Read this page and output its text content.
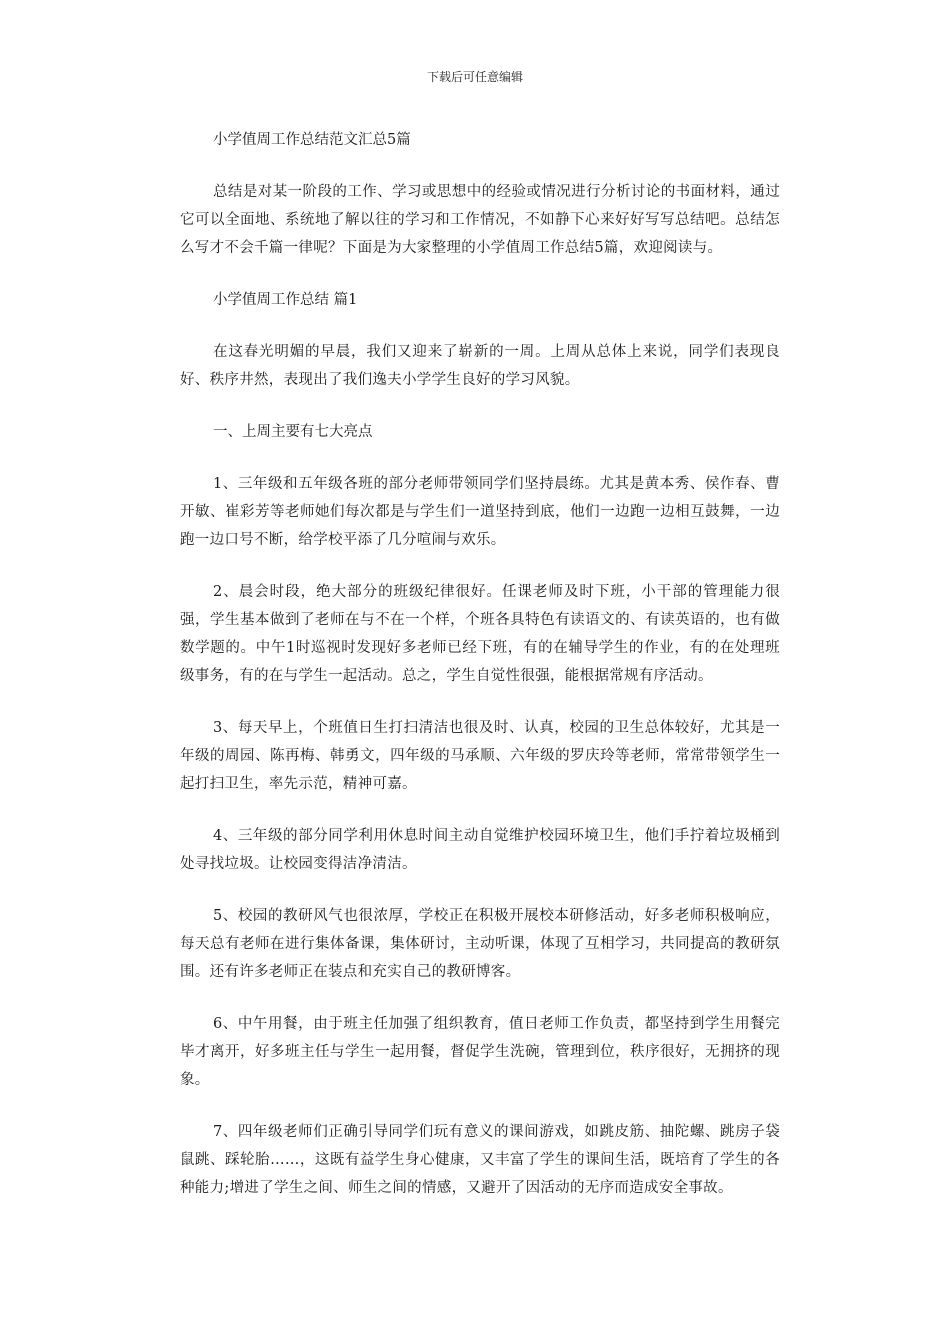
下载后可任意编辑
小学值周工作总结范文汇总5篇
总结是对某一阶段的工作、学习或思想中的经验或情况进行分析讨论的书面材料，通过它可以全面地、系统地了解以往的学习和工作情况，不如静下心来好好写写总结吧。总结怎么写才不会千篇一律呢？下面是为大家整理的小学值周工作总结5篇，欢迎阅读与。
小学值周工作总结 篇1
在这春光明媚的早晨，我们又迎来了崭新的一周。上周从总体上来说，同学们表现良好、秩序井然，表现出了我们逸夫小学学生良好的学习风貌。
一、上周主要有七大亮点
1、三年级和五年级各班的部分老师带领同学们坚持晨练。尤其是黄本秀、侯作春、曹开敏、崔彩芳等老师她们每次都是与学生们一道坚持到底，他们一边跑一边相互鼓舞，一边跑一边口号不断，给学校平添了几分喧闹与欢乐。
2、晨会时段，绝大部分的班级纪律很好。任课老师及时下班，小干部的管理能力很强，学生基本做到了老师在与不在一个样，个班各具特色有读语文的、有读英语的，也有做数学题的。中午1时巡视时发现好多老师已经下班，有的在辅导学生的作业，有的在处理班级事务，有的在与学生一起活动。总之，学生自觉性很强，能根据常规有序活动。
3、每天早上，个班值日生打扫清洁也很及时、认真，校园的卫生总体较好，尤其是一年级的周园、陈再梅、韩勇文，四年级的马承顺、六年级的罗庆玲等老师，常常带领学生一起打扫卫生，率先示范，精神可嘉。
4、三年级的部分同学利用休息时间主动自觉维护校园环境卫生，他们手拧着垃圾桶到处寻找垃圾。让校园变得洁净清洁。
5、校园的教研风气也很浓厚，学校正在积极开展校本研修活动，好多老师积极响应，每天总有老师在进行集体备课，集体研讨，主动听课，体现了互相学习，共同提高的教研氛围。还有许多老师正在装点和充实自己的教研博客。
6、中午用餐，由于班主任加强了组织教育，值日老师工作负责，都坚持到学生用餐完毕才离开，好多班主任与学生一起用餐，督促学生洗碗，管理到位，秩序很好，无拥挤的现象。
7、四年级老师们正确引导同学们玩有意义的课间游戏，如跳皮筋、抽陀螺、跳房子袋鼠跳、踩轮胎……，这既有益学生身心健康，又丰富了学生的课间生活，既培育了学生的各种能力;增进了学生之间、师生之间的情感，又避开了因活动的无序而造成安全事故。
